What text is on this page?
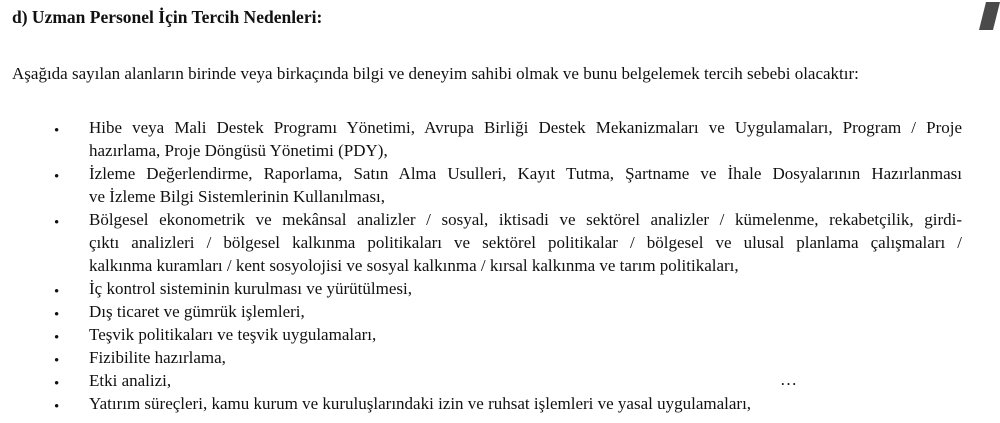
d) Uzman Personel İçin Tercih Nedenleri:
Aşağıda sayılan alanların birinde veya birkaçında bilgi ve deneyim sahibi olmak ve bunu belgelemek tercih sebebi olacaktır:
• Hibe veya Mali Destek Programı Yönetimi, Avrupa Birliği Destek Mekanizmaları ve Uygulamaları, Program / Proje
hazırlama, Proje Döngüsü Yönetimi (PDY),
• İzleme Değerlendirme, Raporlama, Satın Alma Usulleri, Kayıt Tutma, Şartname ve İhale Dosyalarının Hazırlanması
ve İzleme Bilgi Sistemlerinin Kullanılması,
• Bölgesel ekonometrik ve mekânsal analizler / sosyal, iktisadi ve sektörel analizler / kümelenme, rekabetçilik, girdi-
çıktı analizleri / bölgesel kalkınma politikaları ve sektörel politikalar / bölgesel ve ulusal planlama çalışmaları /
kalkınma kuramları / kent sosyolojisi ve sosyal kalkınma / kırsal kalkınma ve tarım politikaları,
• İç kontrol sisteminin kurulması ve yürütülmesi,
• Dış ticaret ve gümrük işlemleri,
• Teşvik politikaları ve teşvik uygulamaları,
• Fizibilite hazırlama,
• Etki analizi,
• Yatırım süreçleri, kamu kurum ve kuruluşlarındaki izin ve ruhsat işlemleri ve yasal uygulamaları,
…
